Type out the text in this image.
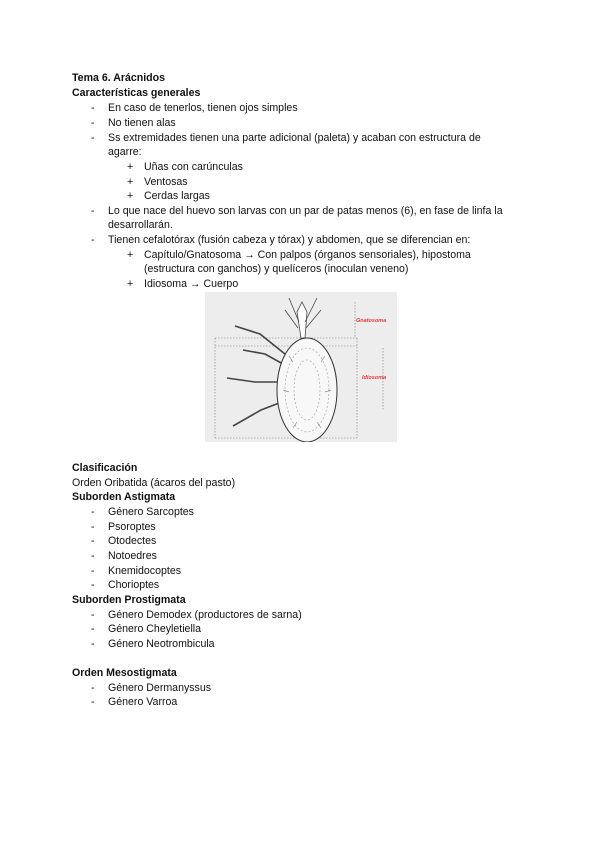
Tema 6. Arácnidos
Características generales
- En caso de tenerlos, tienen ojos simples
- No tienen alas
- Ss extremidades tienen una parte adicional (paleta) y acaban con estructura de
agarre:
+ Uñas con carúnculas
+ Ventosas
+ Cerdas largas
- Lo que nace del huevo son larvas con un par de patas menos (6), en fase de linfa la
desarrollarán.
- Tienen cefalotórax (fusión cabeza y tórax) y abdomen, que se diferencian en:
+ Capítulo/Gnatosoma → Con palpos (órganos sensoriales), hipostoma
(estructura con ganchos) y quelíceros (inoculan veneno)
+ Idiosoma → Cuerpo
Gnatosoma
Idiosoma
Clasificación
Orden Oribatida (ácaros del pasto)
Suborden Astigmata
- Género Sarcoptes
- Psoroptes
- Otodectes
- Notoedres
- Knemidocoptes
- Chorioptes
Suborden Prostigmata
- Género Demodex (productores de sarna)
- Género Cheyletiella
- Género Neotrombicula
Orden Mesostigmata
- Género Dermanyssus
- Género Varroa
